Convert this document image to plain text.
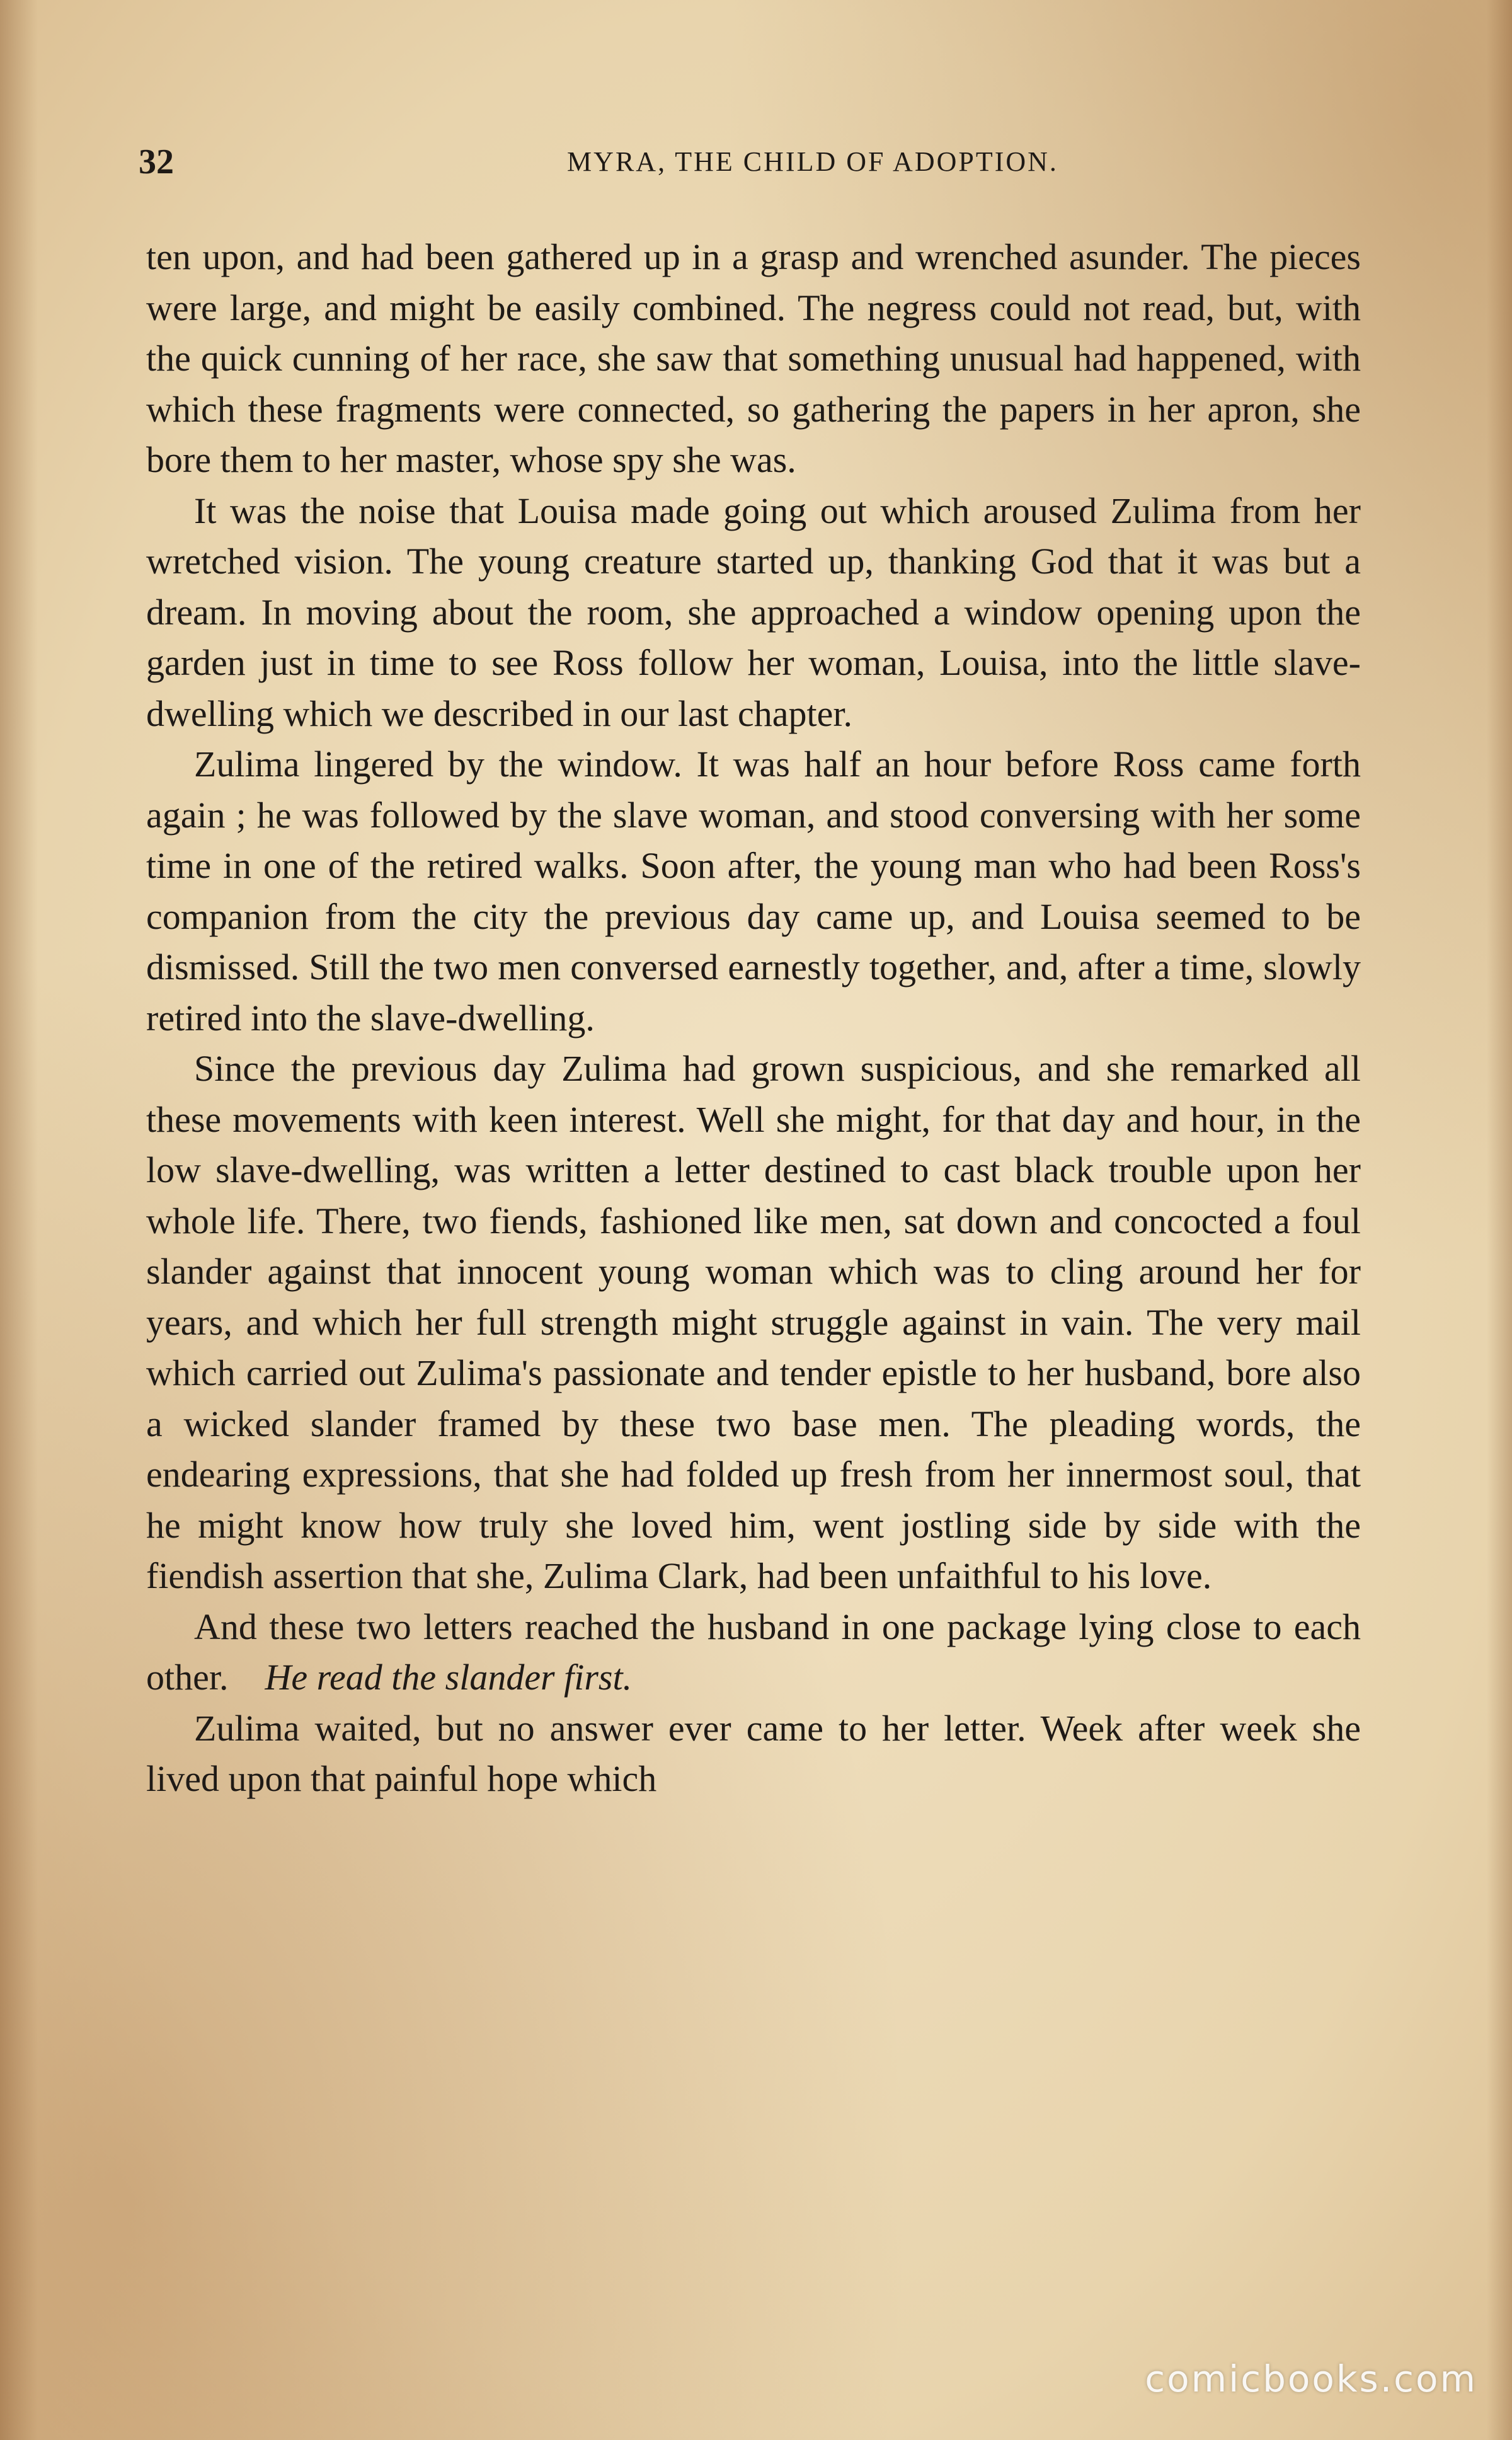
32	MYRA, THE CHILD OF ADOPTION.

ten upon, and had been gathered up in a grasp and wrenched asunder. The pieces were large, and might be easily combined. The negress could not read, but, with the quick cunning of her race, she saw that something unusual had happened, with which these fragments were connected, so gathering the papers in her apron, she bore them to her master, whose spy she was.

It was the noise that Louisa made going out which aroused Zulima from her wretched vision. The young creature started up, thanking God that it was but a dream. In moving about the room, she approached a window opening upon the garden just in time to see Ross follow her woman, Louisa, into the little slave-dwelling which we described in our last chapter.

Zulima lingered by the window. It was half an hour before Ross came forth again ; he was followed by the slave woman, and stood conversing with her some time in one of the retired walks. Soon after, the young man who had been Ross's companion from the city the previous day came up, and Louisa seemed to be dismissed. Still the two men conversed earnestly together, and, after a time, slowly retired into the slave-dwelling.

Since the previous day Zulima had grown suspicious, and she remarked all these movements with keen interest. Well she might, for that day and hour, in the low slave-dwelling, was written a letter destined to cast black trouble upon her whole life. There, two fiends, fashioned like men, sat down and concocted a foul slander against that innocent young woman which was to cling around her for years, and which her full strength might struggle against in vain. The very mail which carried out Zulima's passionate and tender epistle to her husband, bore also a wicked slander framed by these two base men. The pleading words, the endearing expressions, that she had folded up fresh from her innermost soul, that he might know how truly she loved him, went jostling side by side with the fiendish assertion that she, Zulima Clark, had been unfaithful to his love.

And these two letters reached the husband in one package lying close to each other. He read the slander first.

Zulima waited, but no answer ever came to her letter. Week after week she lived upon that painful hope which

comicbooks.com
